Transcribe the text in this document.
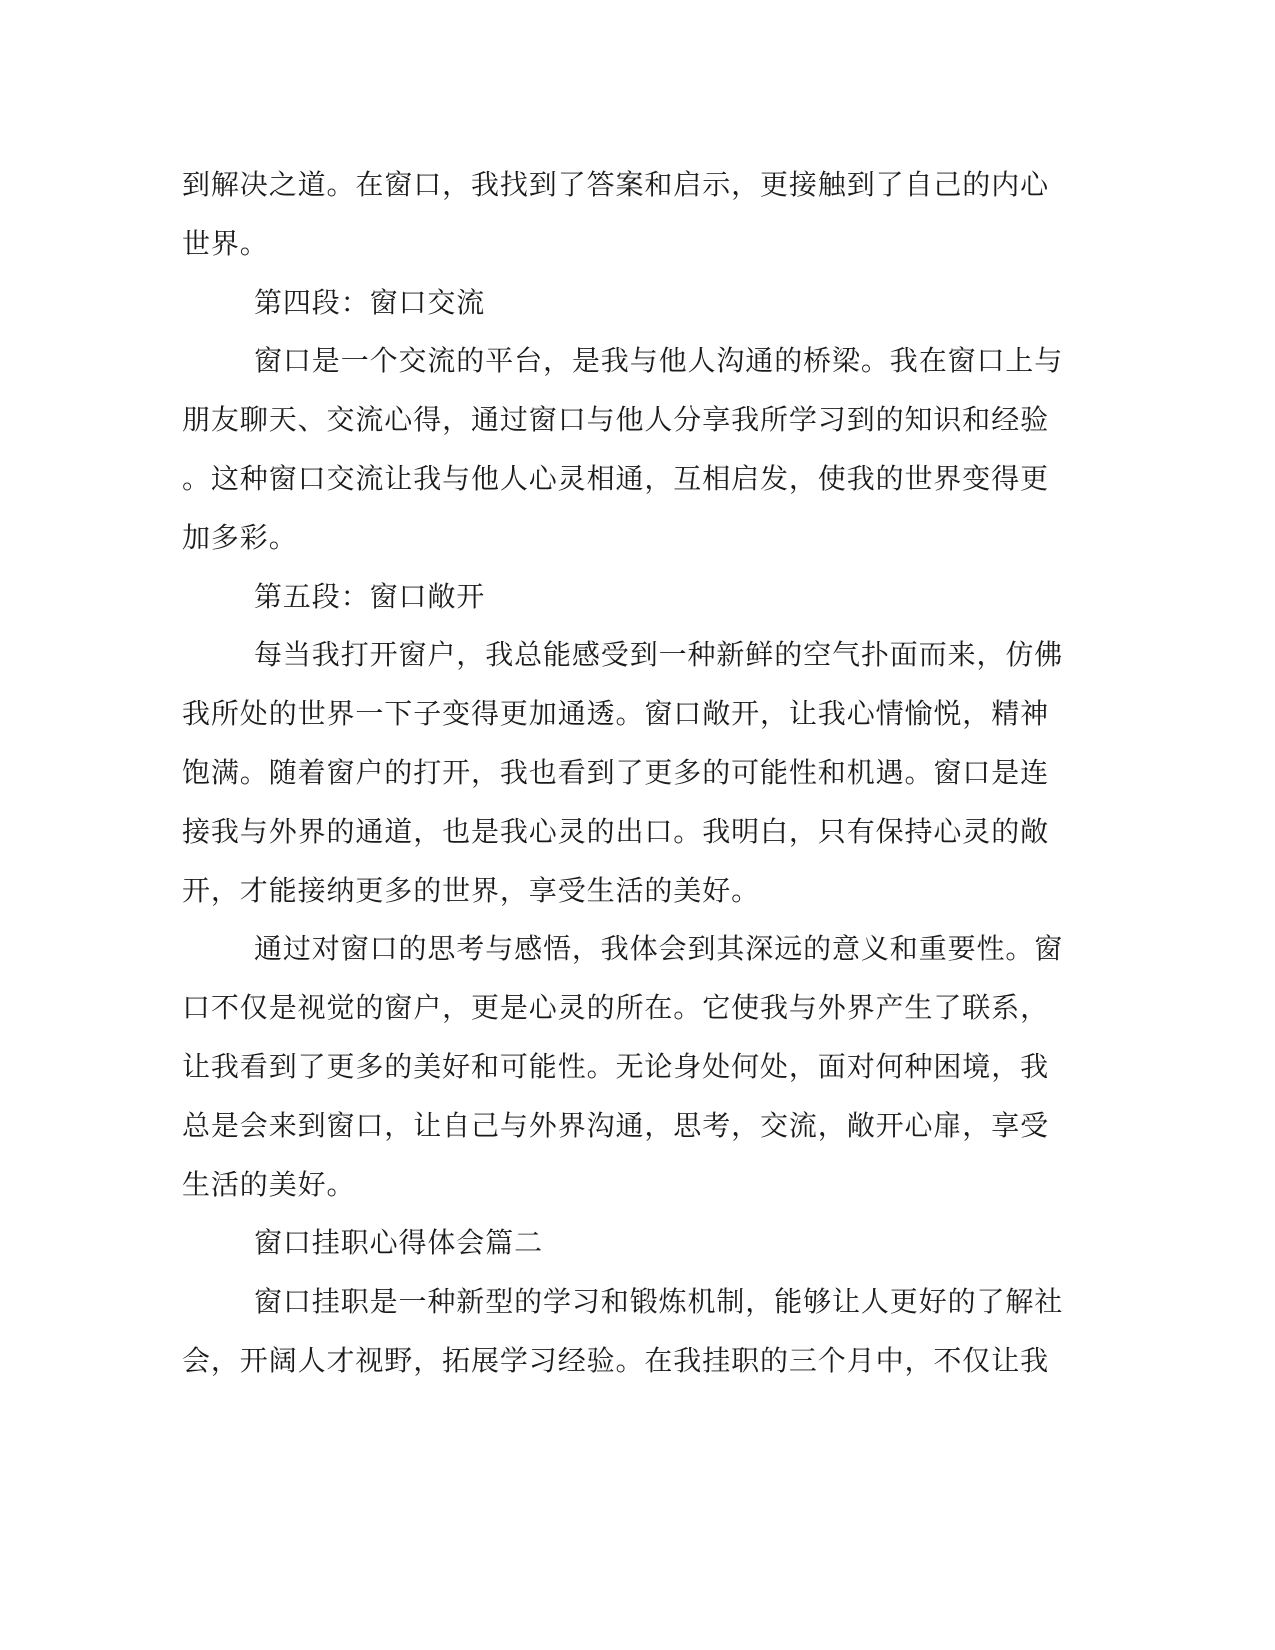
到解决之道。在窗口，我找到了答案和启示，更接触到了自己的内心
世界。

第四段：窗口交流

窗口是一个交流的平台，是我与他人沟通的桥梁。我在窗口上与
朋友聊天、交流心得，通过窗口与他人分享我所学习到的知识和经验
。这种窗口交流让我与他人心灵相通，互相启发，使我的世界变得更
加多彩。

第五段：窗口敞开

每当我打开窗户，我总能感受到一种新鲜的空气扑面而来，仿佛
我所处的世界一下子变得更加通透。窗口敞开，让我心情愉悦，精神
饱满。随着窗户的打开，我也看到了更多的可能性和机遇。窗口是连
接我与外界的通道，也是我心灵的出口。我明白，只有保持心灵的敞
开，才能接纳更多的世界，享受生活的美好。

通过对窗口的思考与感悟，我体会到其深远的意义和重要性。窗
口不仅是视觉的窗户，更是心灵的所在。它使我与外界产生了联系，
让我看到了更多的美好和可能性。无论身处何处，面对何种困境，我
总是会来到窗口，让自己与外界沟通，思考，交流，敞开心扉，享受
生活的美好。

窗口挂职心得体会篇二

窗口挂职是一种新型的学习和锻炼机制，能够让人更好的了解社
会，开阔人才视野，拓展学习经验。在我挂职的三个月中，不仅让我
